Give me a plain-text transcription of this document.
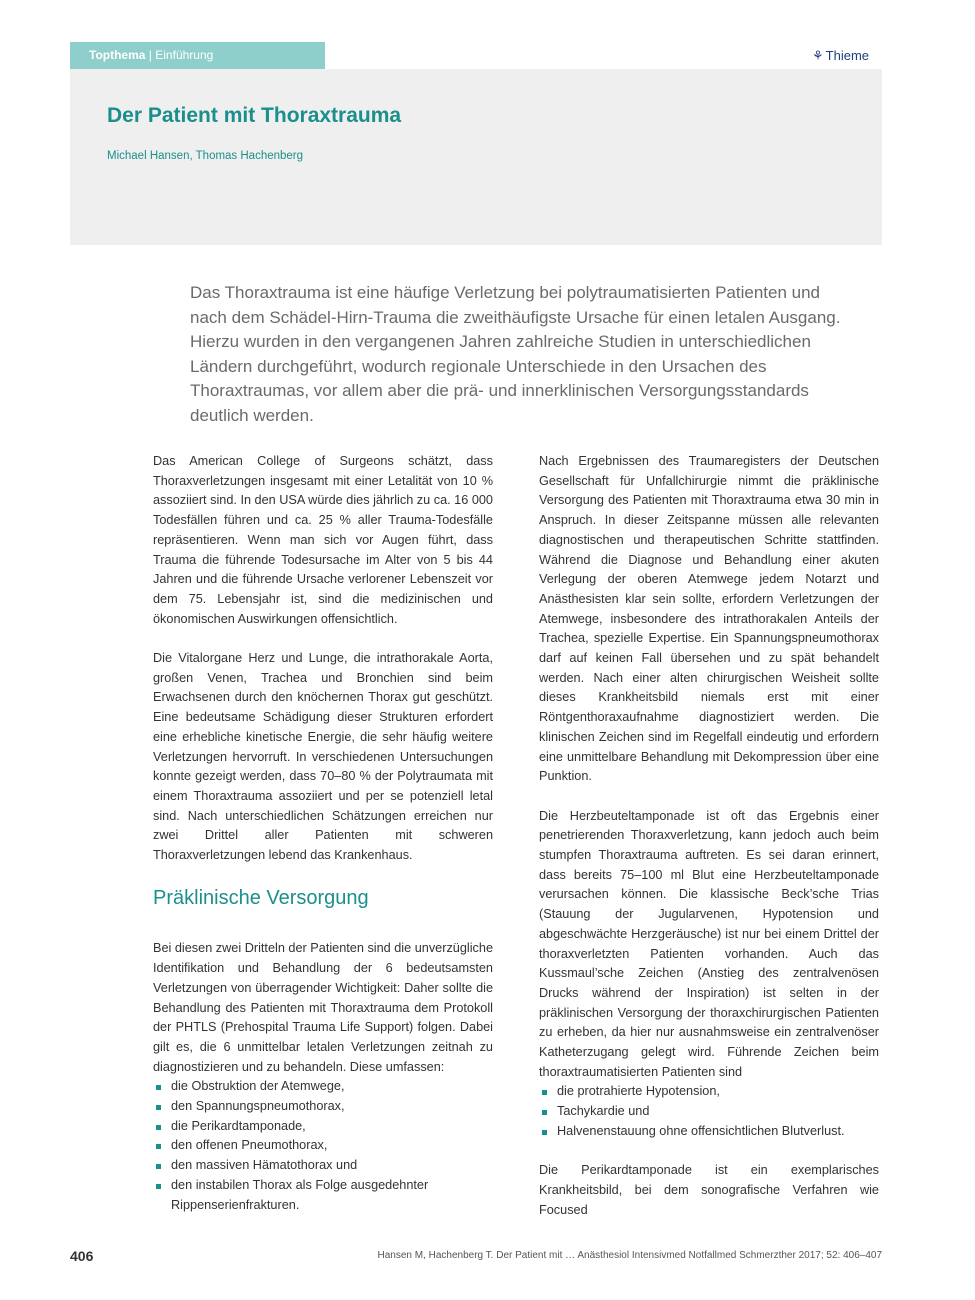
Topthema | Einführung	⚘ Thieme
Der Patient mit Thoraxtrauma
Michael Hansen, Thomas Hachenberg

Das Thoraxtrauma ist eine häufige Verletzung bei polytraumatisierten Patienten und nach dem Schädel-Hirn-Trauma die zweithäufigste Ursache für einen letalen Ausgang. Hierzu wurden in den vergangenen Jahren zahlreiche Studien in unterschiedlichen Ländern durchgeführt, wodurch regionale Unterschiede in den Ursachen des Thoraxtraumas, vor allem aber die prä- und innerklinischen Versorgungsstandards deutlich werden.

Das American College of Surgeons schätzt, dass Thoraxverletzungen insgesamt mit einer Letalität von 10 % assoziiert sind. In den USA würde dies jährlich zu ca. 16 000 Todesfällen führen und ca. 25 % aller Trauma-Todesfälle repräsentieren. Wenn man sich vor Augen führt, dass Trauma die führende Todesursache im Alter von 5 bis 44 Jahren und die führende Ursache verlorener Lebenszeit vor dem 75. Lebensjahr ist, sind die medizinischen und ökonomischen Auswirkungen offensichtlich.

Die Vitalorgane Herz und Lunge, die intrathorakale Aorta, großen Venen, Trachea und Bronchien sind beim Erwachsenen durch den knöchernen Thorax gut geschützt. Eine bedeutsame Schädigung dieser Strukturen erfordert eine erhebliche kinetische Energie, die sehr häufig weitere Verletzungen hervorruft. In verschiedenen Untersuchungen konnte gezeigt werden, dass 70–80 % der Polytraumata mit einem Thoraxtrauma assoziiert und per se potenziell letal sind. Nach unterschiedlichen Schätzungen erreichen nur zwei Drittel aller Patienten mit schweren Thoraxverletzungen lebend das Krankenhaus.

Präklinische Versorgung

Bei diesen zwei Dritteln der Patienten sind die unverzügliche Identifikation und Behandlung der 6 bedeutsamsten Verletzungen von überragender Wichtigkeit: Daher sollte die Behandlung des Patienten mit Thoraxtrauma dem Protokoll der PHTLS (Prehospital Trauma Life Support) folgen. Dabei gilt es, die 6 unmittelbar letalen Verletzungen zeitnah zu diagnostizieren und zu behandeln. Diese umfassen:

die Obstruktion der Atemwege,
den Spannungspneumothorax,
die Perikardtamponade,
den offenen Pneumothorax,
den massiven Hämatothorax und
den instabilen Thorax als Folge ausgedehnter Rippenserienfrakturen.

Nach Ergebnissen des Traumaregisters der Deutschen Gesellschaft für Unfallchirurgie nimmt die präklinische Versorgung des Patienten mit Thoraxtrauma etwa 30 min in Anspruch. In dieser Zeitspanne müssen alle relevanten diagnostischen und therapeutischen Schritte stattfinden. Während die Diagnose und Behandlung einer akuten Verlegung der oberen Atemwege jedem Notarzt und Anästhesisten klar sein sollte, erfordern Verletzungen der Atemwege, insbesondere des intrathorakalen Anteils der Trachea, spezielle Expertise. Ein Spannungspneumothorax darf auf keinen Fall übersehen und zu spät behandelt werden. Nach einer alten chirurgischen Weisheit sollte dieses Krankheitsbild niemals erst mit einer Röntgenthoraxaufnahme diagnostiziert werden. Die klinischen Zeichen sind im Regelfall eindeutig und erfordern eine unmittelbare Behandlung mit Dekompression über eine Punktion.

Die Herzbeuteltamponade ist oft das Ergebnis einer penetrierenden Thoraxverletzung, kann jedoch auch beim stumpfen Thoraxtrauma auftreten. Es sei daran erinnert, dass bereits 75–100 ml Blut eine Herzbeuteltamponade verursachen können. Die klassische Beck’sche Trias (Stauung der Jugularvenen, Hypotension und abgeschwächte Herzgeräusche) ist nur bei einem Drittel der thoraxverletzten Patienten vorhanden. Auch das Kussmaul’sche Zeichen (Anstieg des zentralvenösen Drucks während der Inspiration) ist selten in der präklinischen Versorgung der thoraxchirurgischen Patienten zu erheben, da hier nur ausnahmsweise ein zentralvenöser Katheterzugang gelegt wird. Führende Zeichen beim thoraxtraumatisierten Patienten sind

die protrahierte Hypotension,
Tachykardie und
Halvenenstauung ohne offensichtlichen Blutverlust.

Die Perikardtamponade ist ein exemplarisches Krankheitsbild, bei dem sonografische Verfahren wie Focused

406	Hansen M, Hachenberg T. Der Patient mit … Anästhesiol Intensivmed Notfallmed Schmerzther 2017; 52: 406–407
